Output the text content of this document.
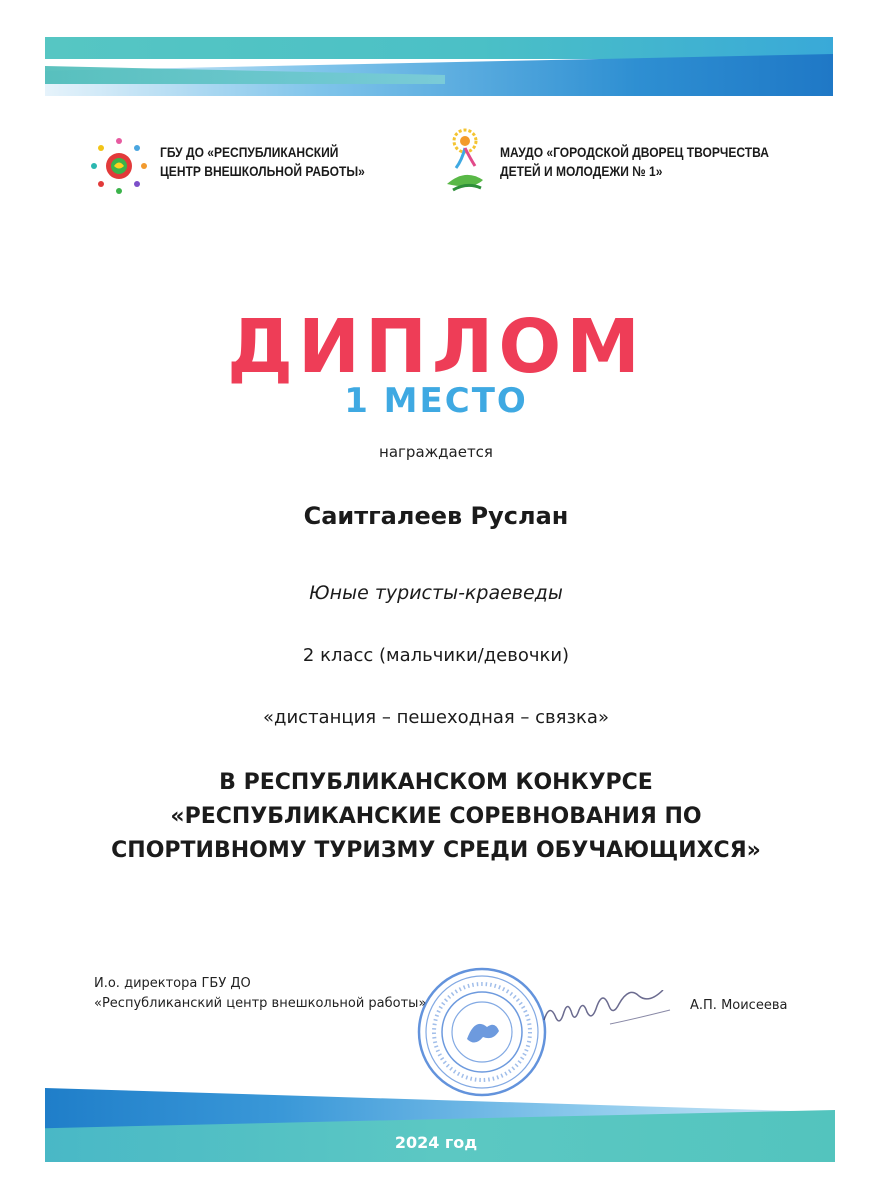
ГБУ ДО «РЕСПУБЛИКАНСКИЙ
ЦЕНТР ВНЕШКОЛЬНОЙ РАБОТЫ»
МАУДО «ГОРОДСКОЙ ДВОРЕЦ ТВОРЧЕСТВА
ДЕТЕЙ И МОЛОДЕЖИ № 1»
ДИПЛОМ
1 МЕСТО
награждается
Саитгалеев Руслан
Юные туристы-краеведы
2 класс (мальчики/девочки)
«дистанция – пешеходная – связка»
В РЕСПУБЛИКАНСКОМ КОНКУРСЕ
«РЕСПУБЛИКАНСКИЕ СОРЕВНОВАНИЯ ПО
СПОРТИВНОМУ ТУРИЗМУ СРЕДИ ОБУЧАЮЩИХСЯ»
И.о. директора ГБУ ДО
«Республиканский центр внешкольной работы»	А.П. Моисеева
2024 год
